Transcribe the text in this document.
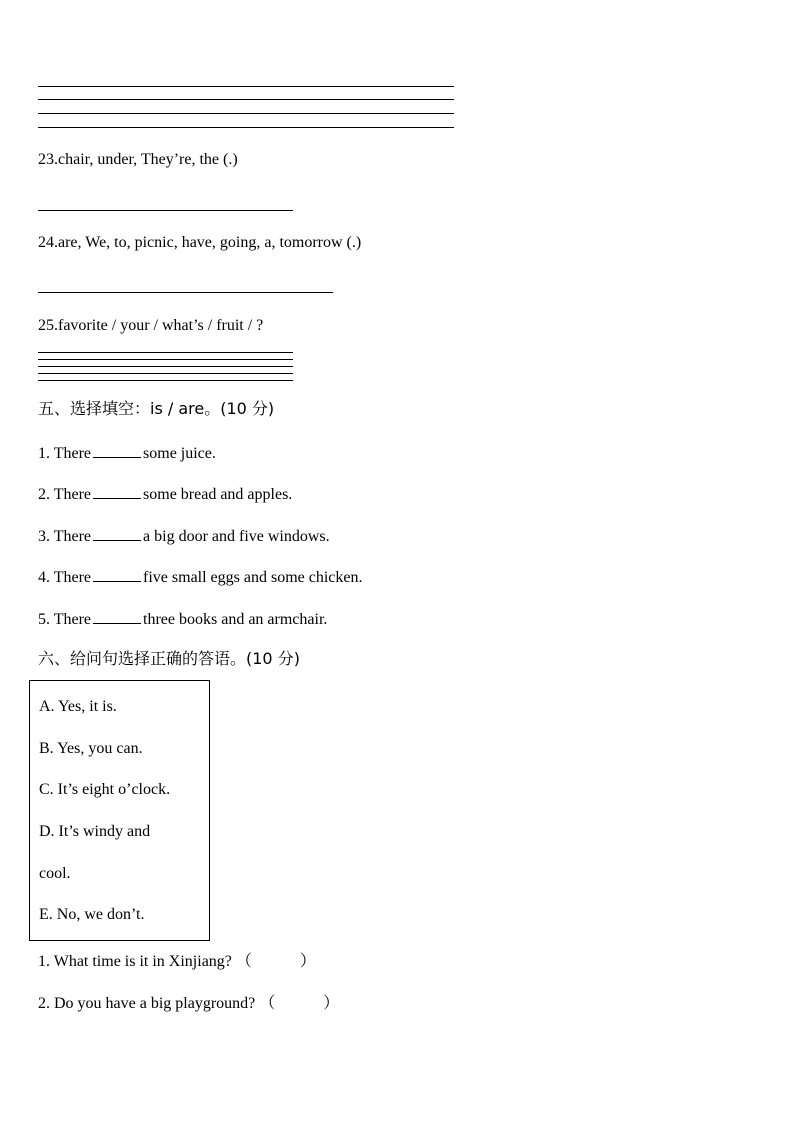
23.chair, under, They’re, the (.)
24.are, We, to, picnic, have, going, a, tomorrow (.)
25.favorite / your / what’s / fruit / ?
五、选择填空：is / are。(10 分)
1. There	some juice.
2. There	some bread and apples.
3. There	a big door and five windows.
4. There	five small eggs and some chicken.
5. There	three books and an armchair.
六、给问句选择正确的答语。(10 分)
A. Yes, it is.
B. Yes, you can.
C. It’s eight o’clock.
D. It’s windy and
cool.
E. No, we don’t.
1. What time is it in Xinjiang? （　　　）
2. Do you have a big playground? （　　　）
